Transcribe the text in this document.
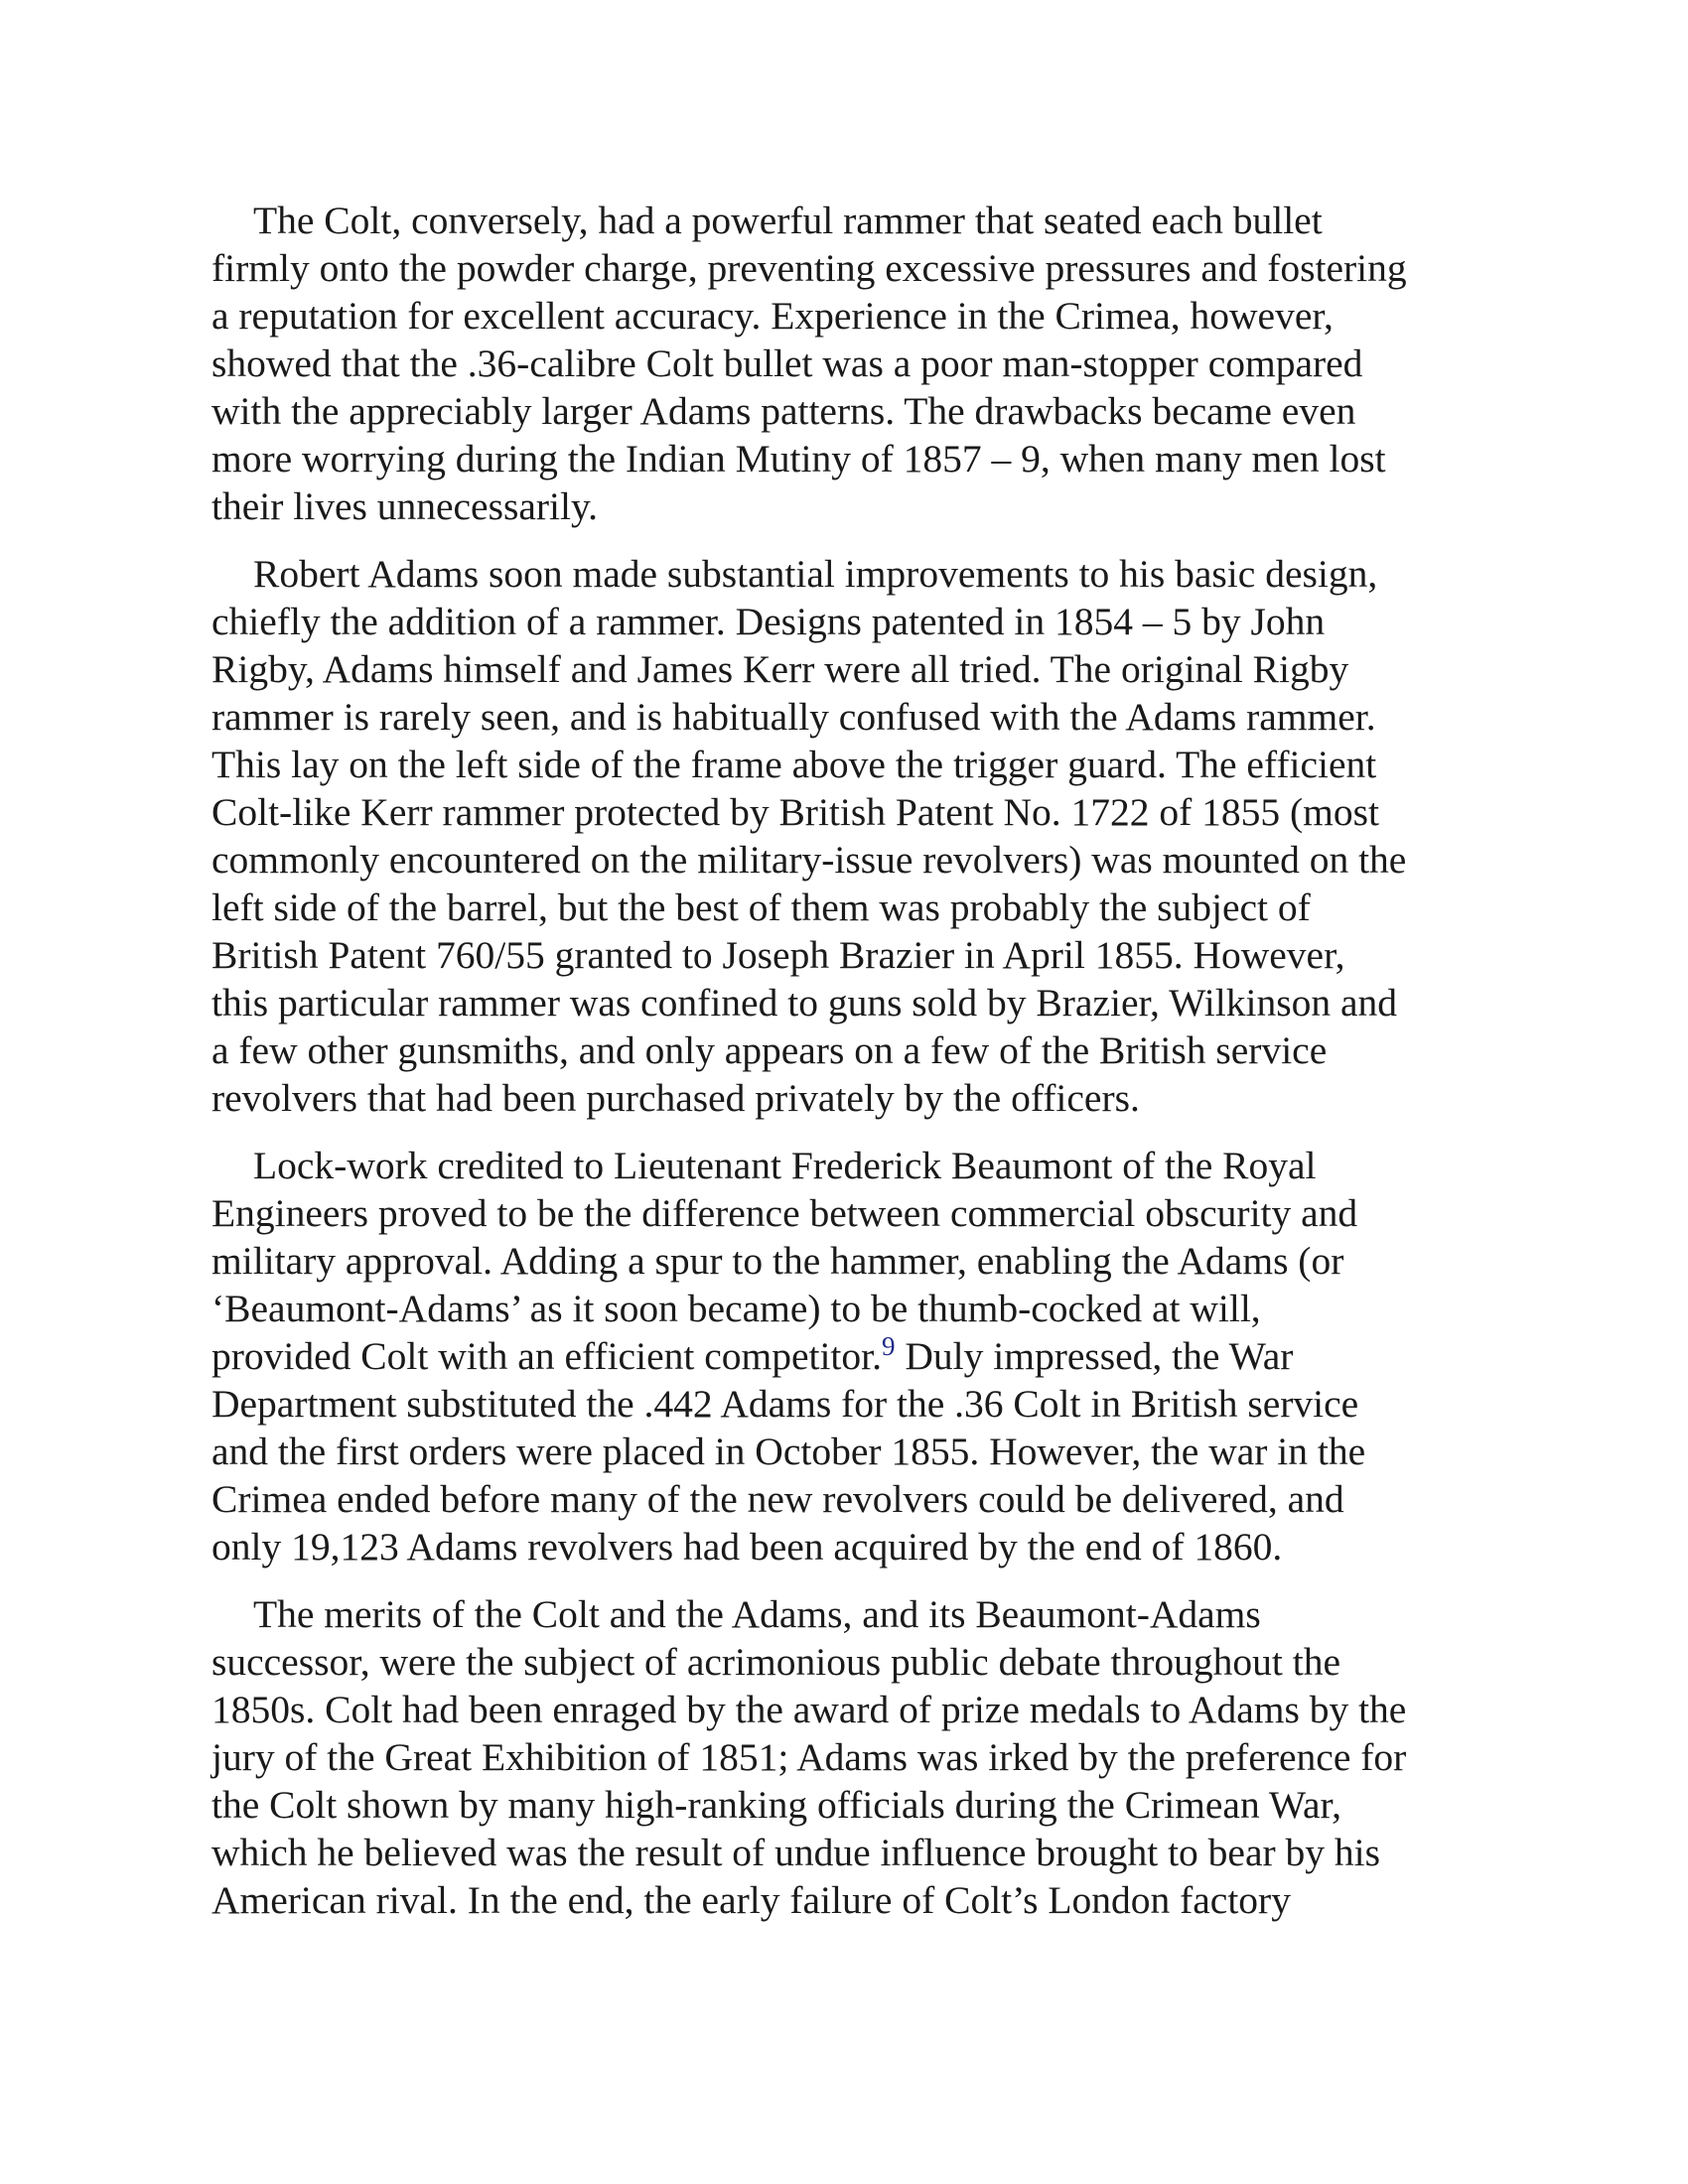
The Colt, conversely, had a powerful rammer that seated each bullet
firmly onto the powder charge, preventing excessive pressures and fostering
a reputation for excellent accuracy. Experience in the Crimea, however,
showed that the .36-calibre Colt bullet was a poor man-stopper compared
with the appreciably larger Adams patterns. The drawbacks became even
more worrying during the Indian Mutiny of 1857 – 9, when many men lost
their lives unnecessarily.

Robert Adams soon made substantial improvements to his basic design,
chiefly the addition of a rammer. Designs patented in 1854 – 5 by John
Rigby, Adams himself and James Kerr were all tried. The original Rigby
rammer is rarely seen, and is habitually confused with the Adams rammer.
This lay on the left side of the frame above the trigger guard. The efficient
Colt-like Kerr rammer protected by British Patent No. 1722 of 1855 (most
commonly encountered on the military-issue revolvers) was mounted on the
left side of the barrel, but the best of them was probably the subject of
British Patent 760/55 granted to Joseph Brazier in April 1855. However,
this particular rammer was confined to guns sold by Brazier, Wilkinson and
a few other gunsmiths, and only appears on a few of the British service
revolvers that had been purchased privately by the officers.

Lock-work credited to Lieutenant Frederick Beaumont of the Royal
Engineers proved to be the difference between commercial obscurity and
military approval. Adding a spur to the hammer, enabling the Adams (or
‘Beaumont-Adams’ as it soon became) to be thumb-cocked at will,
provided Colt with an efficient competitor.$^9$ Duly impressed, the War
Department substituted the .442 Adams for the .36 Colt in British service
and the first orders were placed in October 1855. However, the war in the
Crimea ended before many of the new revolvers could be delivered, and
only 19,123 Adams revolvers had been acquired by the end of 1860.

The merits of the Colt and the Adams, and its Beaumont-Adams
successor, were the subject of acrimonious public debate throughout the
1850s. Colt had been enraged by the award of prize medals to Adams by the
jury of the Great Exhibition of 1851; Adams was irked by the preference for
the Colt shown by many high-ranking officials during the Crimean War,
which he believed was the result of undue influence brought to bear by his
American rival. In the end, the early failure of Colt’s London factory
